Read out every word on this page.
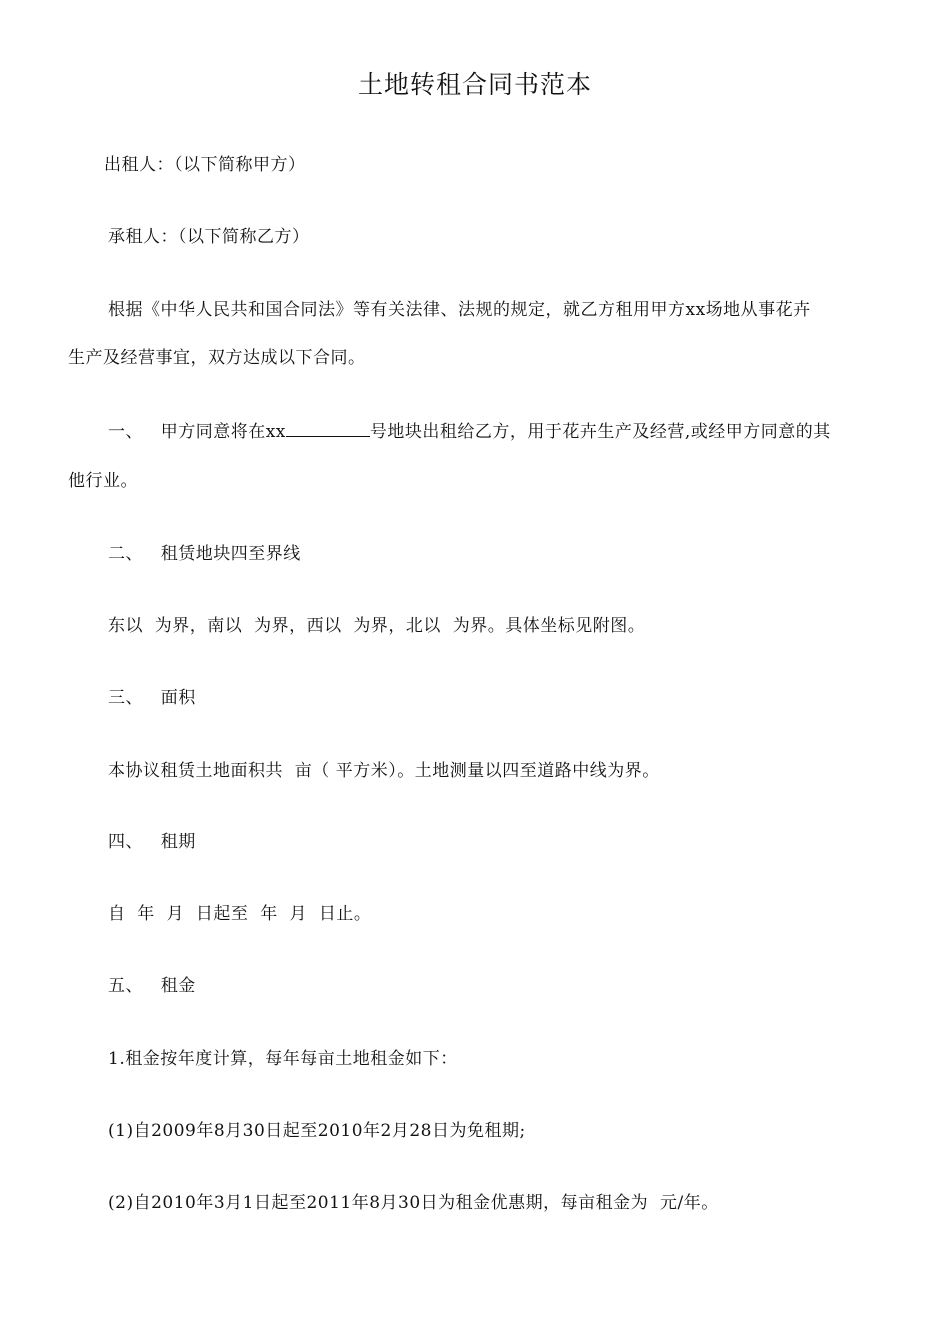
土地转租合同书范本
出租人：（以下简称甲方）
承租人：（以下简称乙方）
根据《中华人民共和国合同法》等有关法律、法规的规定，就乙方租用甲方xx场地从事花卉
生产及经营事宜，双方达成以下合同。
一、 甲方同意将在xx	号地块出租给乙方，用于花卉生产及经营,或经甲方同意的其
他行业。
二、 租赁地块四至界线
东以  为界，南以  为界，西以  为界，北以  为界。具体坐标见附图。
三、 面积
本协议租赁土地面积共  亩（ 平方米）。土地测量以四至道路中线为界。
四、 租期
自  年  月  日起至  年  月  日止。
五、 租金
1.租金按年度计算，每年每亩土地租金如下：
(1)自2009年8月30日起至2010年2月28日为免租期;
(2)自2010年3月1日起至2011年8月30日为租金优惠期，每亩租金为  元/年。
